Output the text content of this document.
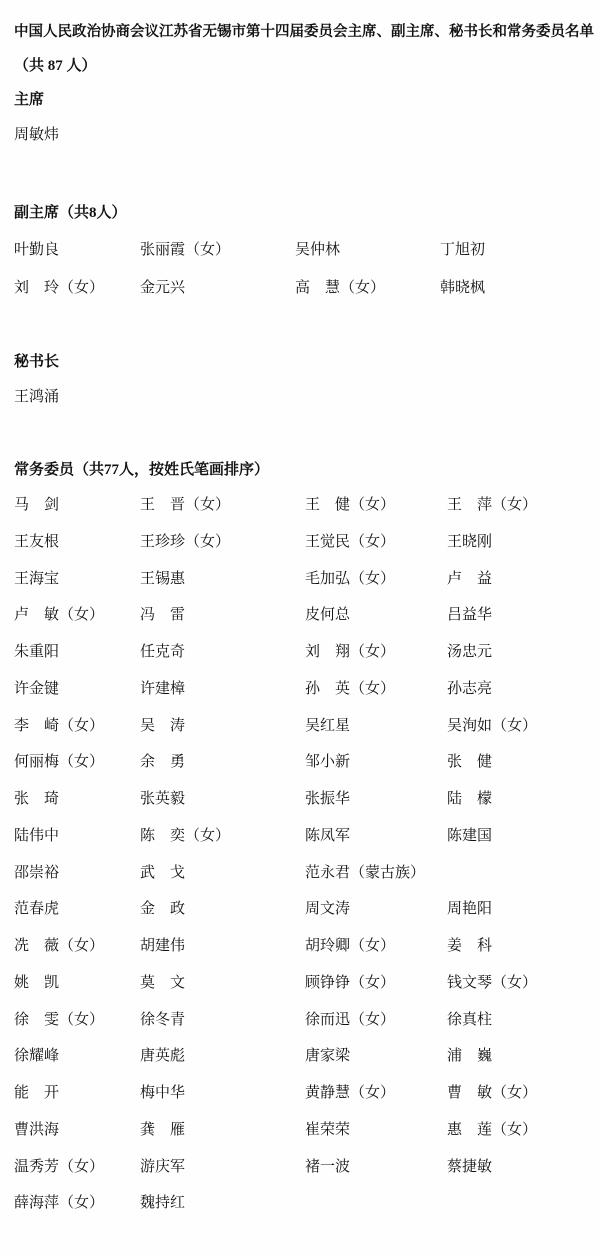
中国人民政治协商会议江苏省无锡市第十四届委员会主席、副主席、秘书长和常务委员名单
（共 87 人）
主席
周敏炜
副主席（共8人）
叶勤良	张丽霞（女）	吴仲林	丁旭初
刘　玲（女） 金元兴	高　慧（女）	韩晓枫
秘书长
王鸿涌
常务委员（共77人，按姓氏笔画排序）
马　剑	王　晋（女）	王　健（女）	王　萍（女）
王友根	王珍珍（女）	王觉民（女）	王晓刚
王海宝	王锡惠	毛加弘（女）	卢　益
卢　敏（女） 冯　雷	皮何总	吕益华
朱重阳	任克奇	刘　翔（女）	汤忠元
许金键	许建樟	孙　英（女）	孙志亮
李　崎（女） 吴　涛	吴红星	吴洵如（女）
何丽梅（女） 余　勇	邹小新	张　健
张　琦	张英毅	张振华	陆　檬
陆伟中	陈　奕（女）	陈凤军	陈建国
邵崇裕	武　戈	范永君（蒙古族）
范春虎	金　政	周文涛	周艳阳
冼　薇（女） 胡建伟	胡玲卿（女）	姜　科
姚　凯	莫　文	顾铮铮（女）	钱文琴（女）
徐　雯（女） 徐冬青	徐而迅（女）	徐真柱
徐耀峰	唐英彪	唐家梁	浦　巍
能　开	梅中华	黄静慧（女）	曹　敏（女）
曹洪海	龚　雁	崔荣荣	惠　莲（女）
温秀芳（女） 游庆军	褚一波	蔡捷敏
薛海萍（女） 魏持红
